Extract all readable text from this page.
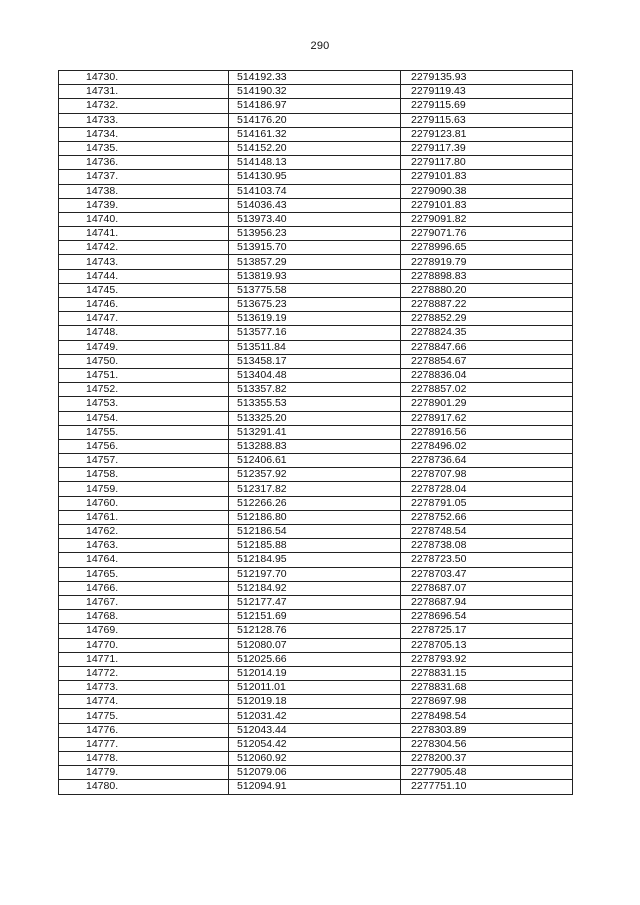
290
14730.	514192.33	2279135.93
14731.	514190.32	2279119.43
14732.	514186.97	2279115.69
14733.	514176.20	2279115.63
14734.	514161.32	2279123.81
14735.	514152.20	2279117.39
14736.	514148.13	2279117.80
14737.	514130.95	2279101.83
14738.	514103.74	2279090.38
14739.	514036.43	2279101.83
14740.	513973.40	2279091.82
14741.	513956.23	2279071.76
14742.	513915.70	2278996.65
14743.	513857.29	2278919.79
14744.	513819.93	2278898.83
14745.	513775.58	2278880.20
14746.	513675.23	2278887.22
14747.	513619.19	2278852.29
14748.	513577.16	2278824.35
14749.	513511.84	2278847.66
14750.	513458.17	2278854.67
14751.	513404.48	2278836.04
14752.	513357.82	2278857.02
14753.	513355.53	2278901.29
14754.	513325.20	2278917.62
14755.	513291.41	2278916.56
14756.	513288.83	2278496.02
14757.	512406.61	2278736.64
14758.	512357.92	2278707.98
14759.	512317.82	2278728.04
14760.	512266.26	2278791.05
14761.	512186.80	2278752.66
14762.	512186.54	2278748.54
14763.	512185.88	2278738.08
14764.	512184.95	2278723.50
14765.	512197.70	2278703.47
14766.	512184.92	2278687.07
14767.	512177.47	2278687.94
14768.	512151.69	2278696.54
14769.	512128.76	2278725.17
14770.	512080.07	2278705.13
14771.	512025.66	2278793.92
14772.	512014.19	2278831.15
14773.	512011.01	2278831.68
14774.	512019.18	2278697.98
14775.	512031.42	2278498.54
14776.	512043.44	2278303.89
14777.	512054.42	2278304.56
14778.	512060.92	2278200.37
14779.	512079.06	2277905.48
14780.	512094.91	2277751.10
